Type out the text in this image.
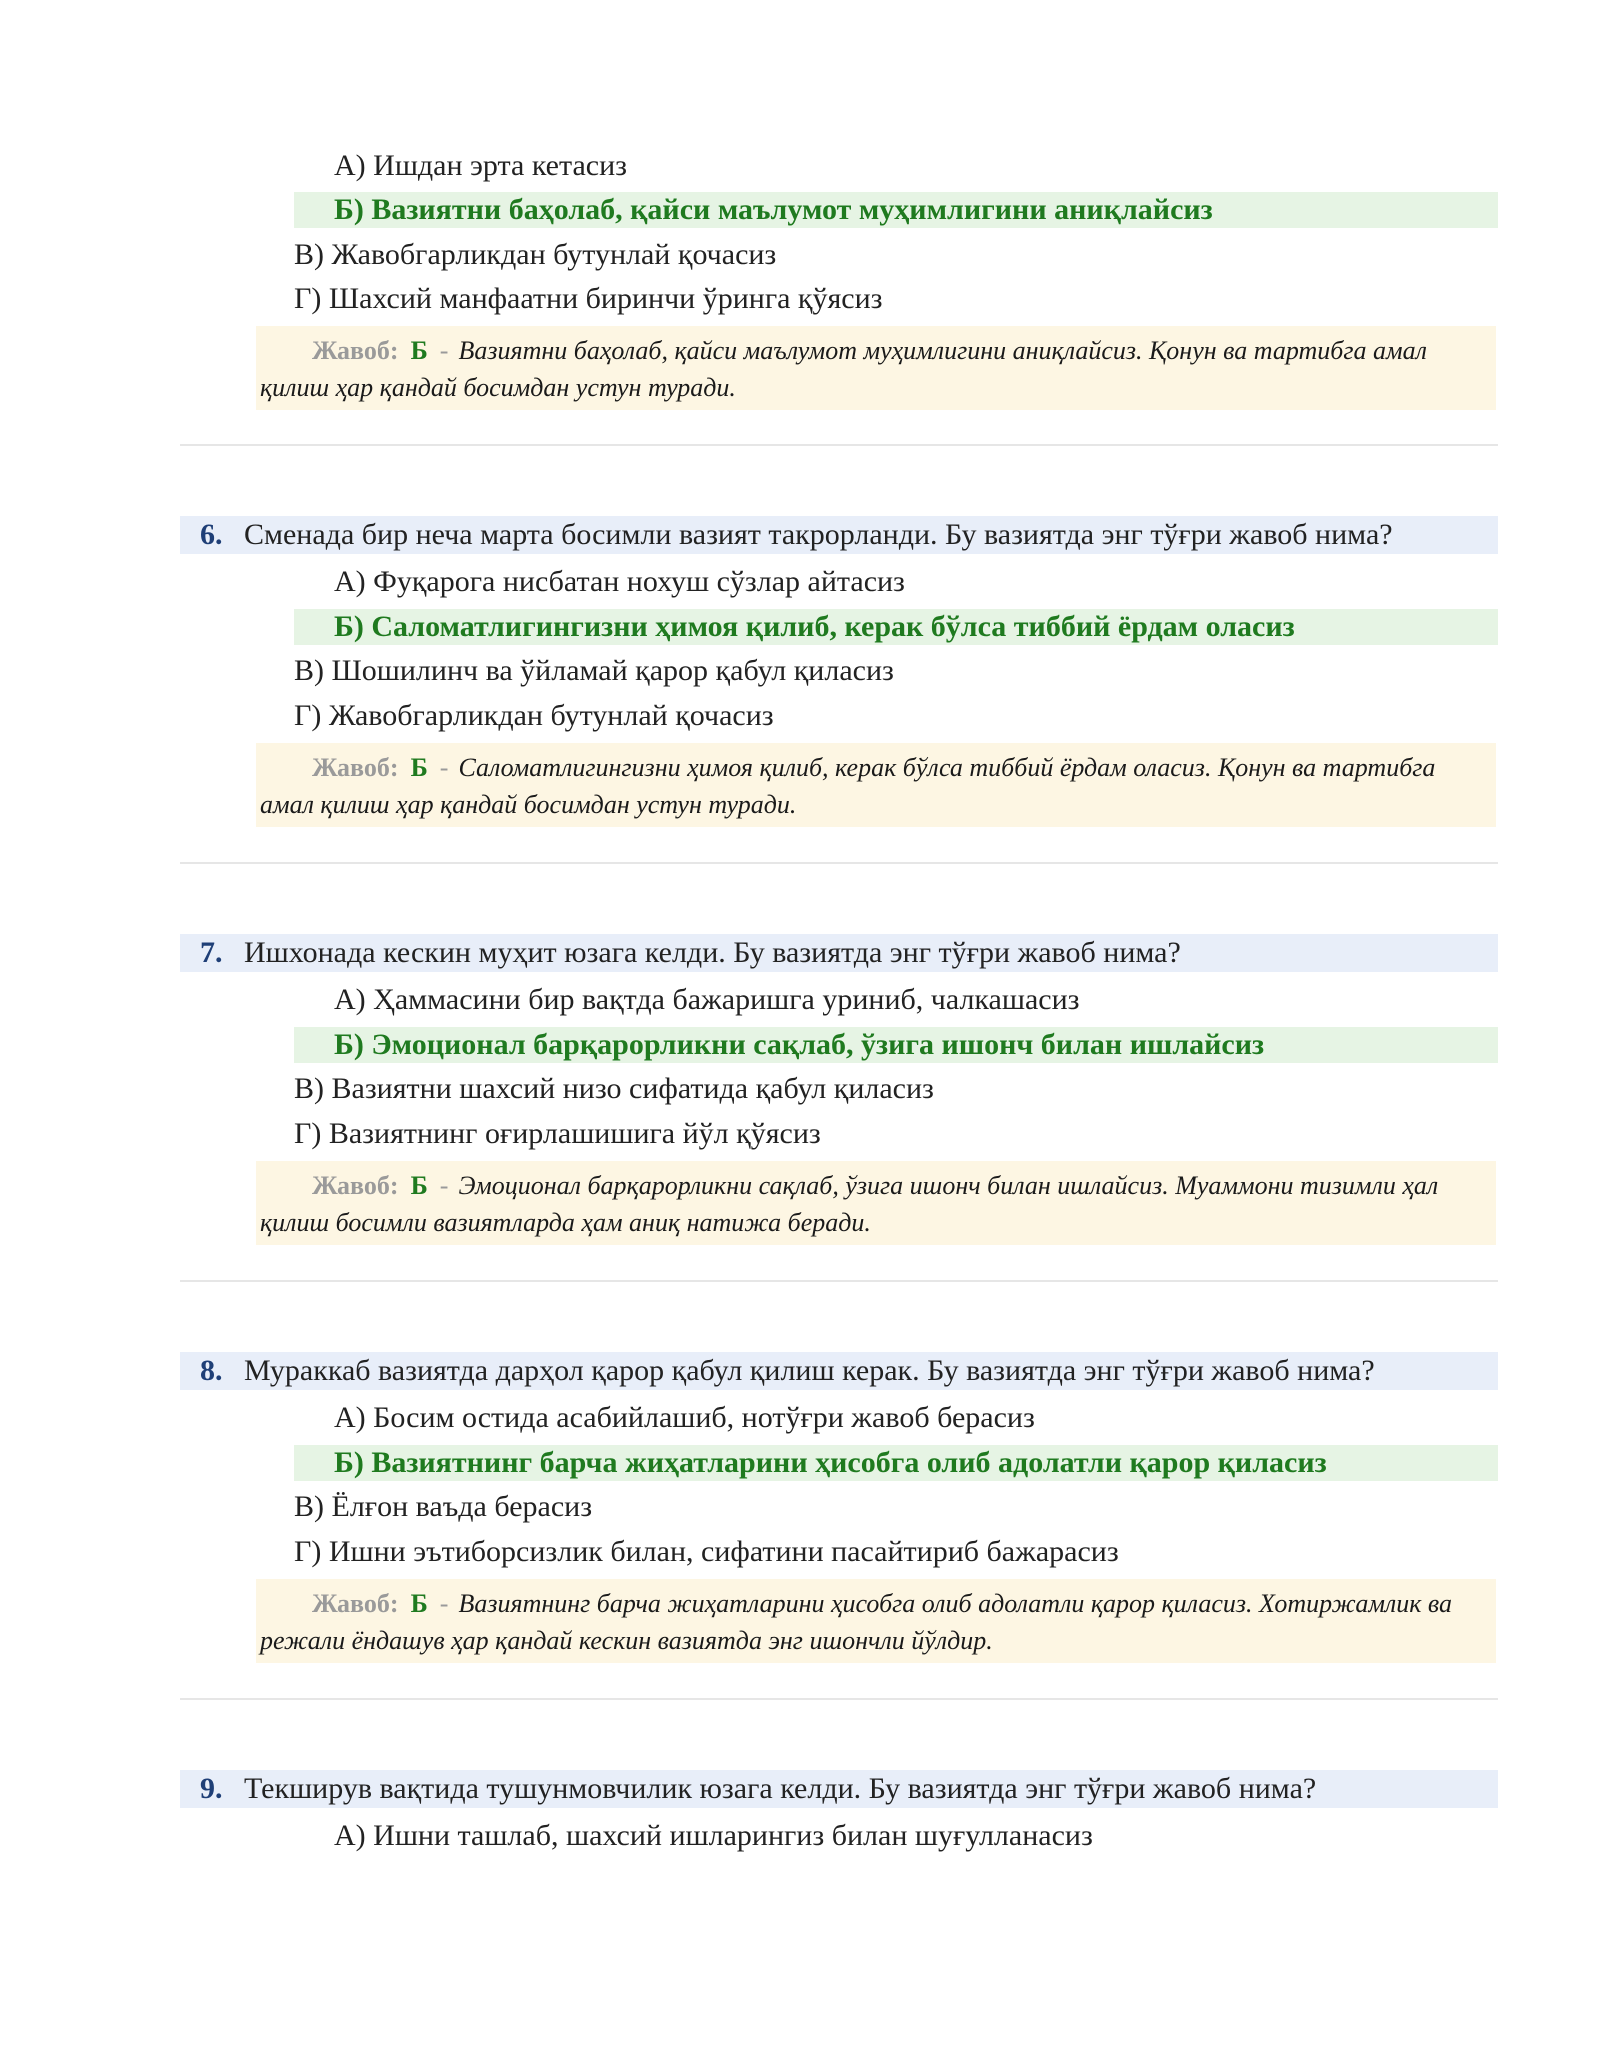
А) Ишдан эрта кетасиз
Б) Вазиятни баҳолаб, қайси маълумот муҳимлигини аниқлайсиз
В) Жавобгарликдан бутунлай қочасиз
Г) Шахсий манфаатни биринчи ўринга қўясиз
Жавоб: Б - Вазиятни баҳолаб, қайси маълумот муҳимлигини аниқлайсиз. Қонун ва тартибга амал қилиш ҳар қандай босимдан устун туради.
6. Сменада бир неча марта босимли вазият такрорланди. Бу вазиятда энг тўғри жавоб нима?
А) Фуқарога нисбатан нохуш сўзлар айтасиз
Б) Саломатлигингизни ҳимоя қилиб, керак бўлса тиббий ёрдам оласиз
В) Шошилинч ва ўйламай қарор қабул қиласиз
Г) Жавобгарликдан бутунлай қочасиз
Жавоб: Б - Саломатлигингизни ҳимоя қилиб, керак бўлса тиббий ёрдам оласиз. Қонун ва тартибга амал қилиш ҳар қандай босимдан устун туради.
7. Ишхонада кескин муҳит юзага келди. Бу вазиятда энг тўғри жавоб нима?
А) Ҳаммасини бир вақтда бажаришга уриниб, чалкашасиз
Б) Эмоционал барқарорликни сақлаб, ўзига ишонч билан ишлайсиз
В) Вазиятни шахсий низо сифатида қабул қиласиз
Г) Вазиятнинг оғирлашишига йўл қўясиз
Жавоб: Б - Эмоционал барқарорликни сақлаб, ўзига ишонч билан ишлайсиз. Муаммони тизимли ҳал қилиш босимли вазиятларда ҳам аниқ натижа беради.
8. Мураккаб вазиятда дарҳол қарор қабул қилиш керак. Бу вазиятда энг тўғри жавоб нима?
А) Босим остида асабийлашиб, нотўғри жавоб берасиз
Б) Вазиятнинг барча жиҳатларини ҳисобга олиб адолатли қарор қиласиз
В) Ёлғон ваъда берасиз
Г) Ишни эътиборсизлик билан, сифатини пасайтириб бажарасиз
Жавоб: Б - Вазиятнинг барча жиҳатларини ҳисобга олиб адолатли қарор қиласиз. Хотиржамлик ва режали ёндашув ҳар қандай кескин вазиятда энг ишончли йўлдир.
9. Текширув вақтида тушунмовчилик юзага келди. Бу вазиятда энг тўғри жавоб нима?
А) Ишни ташлаб, шахсий ишларингиз билан шуғулланасиз
